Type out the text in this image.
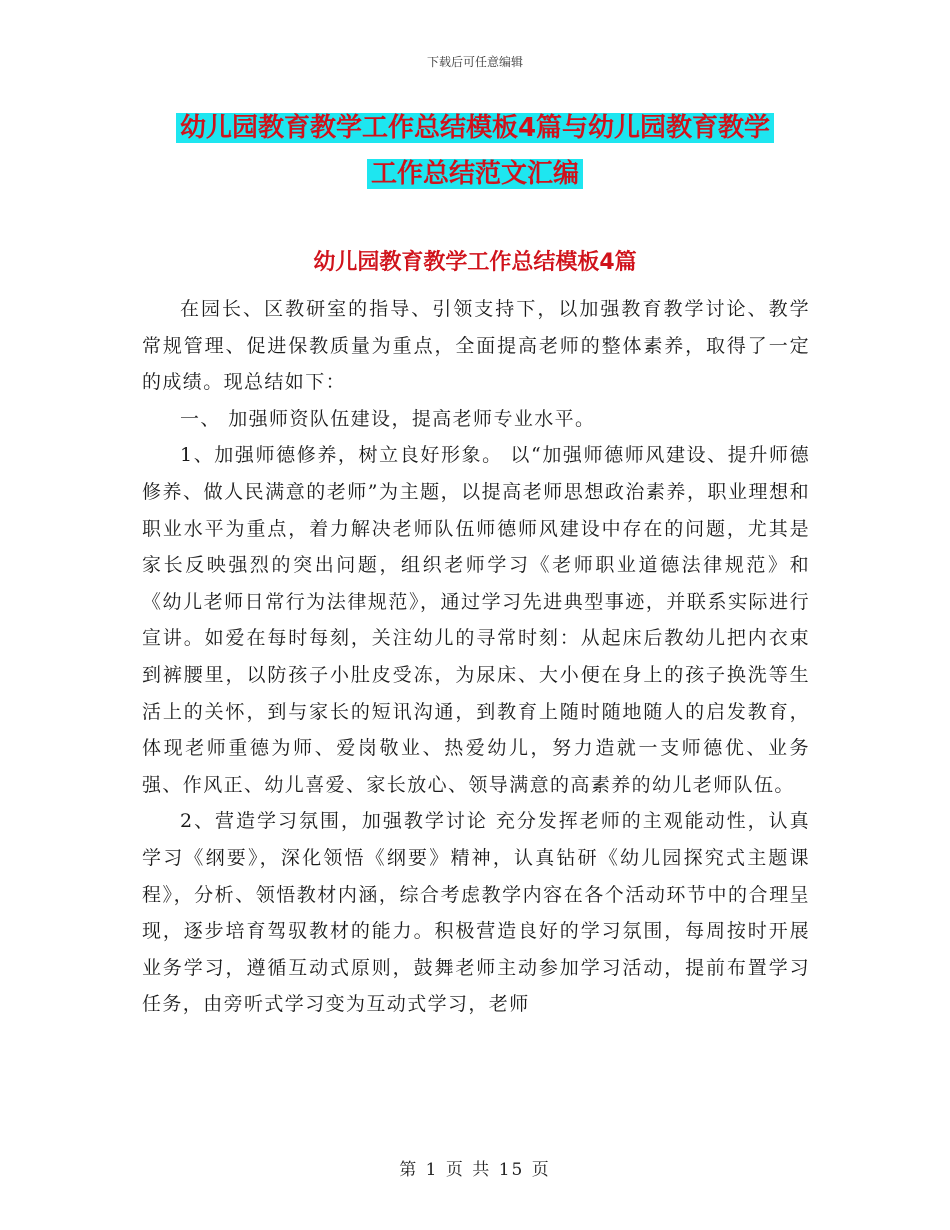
下载后可任意编辑
幼儿园教育教学工作总结模板4篇与幼儿园教育教学
工作总结范文汇编
幼儿园教育教学工作总结模板4篇

在园长、区教研室的指导、引领支持下，以加强教育教学讨论、教学常规管理、促进保教质量为重点，全面提高老师的整体素养，取得了一定的成绩。现总结如下：

一、 加强师资队伍建设，提高老师专业水平。

1、加强师德修养，树立良好形象。 以“加强师德师风建设、提升师德修养、做人民满意的老师”为主题，以提高老师思想政治素养，职业理想和职业水平为重点，着力解决老师队伍师德师风建设中存在的问题，尤其是家长反映强烈的突出问题，组织老师学习《老师职业道德法律规范》和《幼儿老师日常行为法律规范》，通过学习先进典型事迹，并联系实际进行宣讲。如爱在每时每刻，关注幼儿的寻常时刻：从起床后教幼儿把内衣束到裤腰里，以防孩子小肚皮受冻，为尿床、大小便在身上的孩子换洗等生活上的关怀，到与家长的短讯沟通，到教育上随时随地随人的启发教育，体现老师重德为师、爱岗敬业、热爱幼儿，努力造就一支师德优、业务强、作风正、幼儿喜爱、家长放心、领导满意的高素养的幼儿老师队伍。

2、营造学习氛围，加强教学讨论 充分发挥老师的主观能动性，认真学习《纲要》，深化领悟《纲要》精神，认真钻研《幼儿园探究式主题课程》，分析、领悟教材内涵，综合考虑教学内容在各个活动环节中的合理呈现，逐步培育驾驭教材的能力。积极营造良好的学习氛围，每周按时开展业务学习，遵循互动式原则，鼓舞老师主动参加学习活动，提前布置学习任务，由旁听式学习变为互动式学习，老师

第 1 页 共 15 页
